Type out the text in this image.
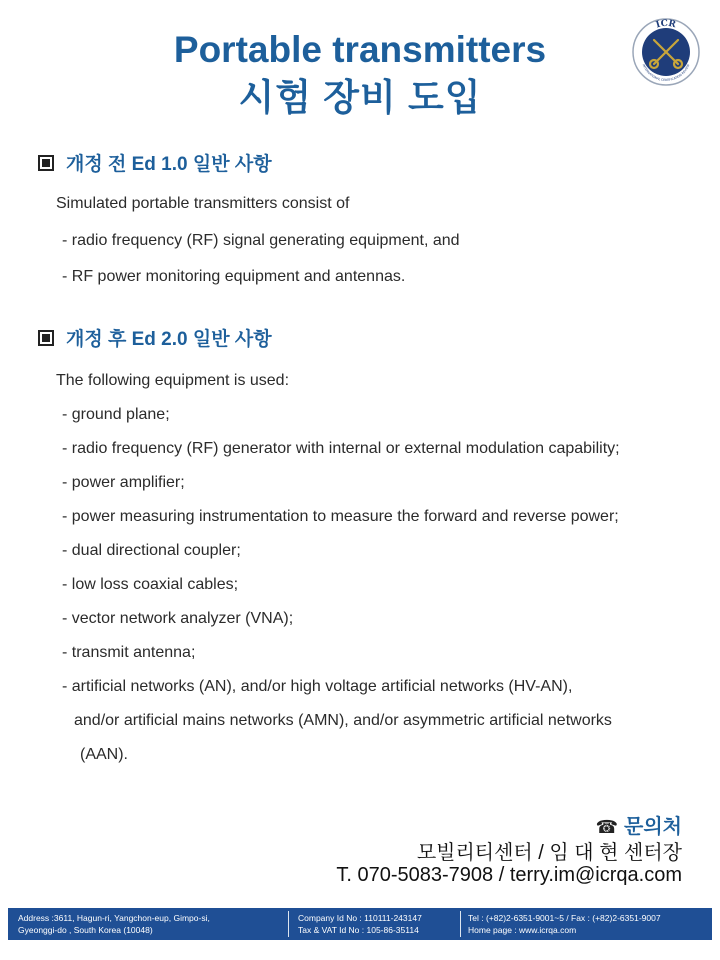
Portable transmitters
시험 장비 도입
ICR
INTERNATIONAL CERTIFICATION REVIEW
개정 전 Ed 1.0 일반 사항
Simulated portable transmitters consist of
- radio frequency (RF) signal generating equipment, and
- RF power monitoring equipment and antennas.
개정 후 Ed 2.0 일반 사항
The following equipment is used:
- ground plane;
- radio frequency (RF) generator with internal or external modulation capability;
- power amplifier;
- power measuring instrumentation to measure the forward and reverse power;
- dual directional coupler;
- low loss coaxial cables;
- vector network analyzer (VNA);
- transmit antenna;
- artificial networks (AN), and/or high voltage artificial networks (HV-AN),
and/or artificial mains networks (AMN), and/or asymmetric artificial networks
(AAN).
☎ 문의처
모빌리티센터 / 임 대 현 센터장
T. 070-5083-7908 / terry.im@icrqa.com
Address :3611, Hagun-ri, Yangchon-eup, Gimpo-si,
Gyeonggi-do , South Korea (10048)
Company Id No : 110111-243147
Tax & VAT Id No : 105-86-35114
Tel : (+82)2-6351-9001~5 / Fax : (+82)2-6351-9007
Home page : www.icrqa.com
